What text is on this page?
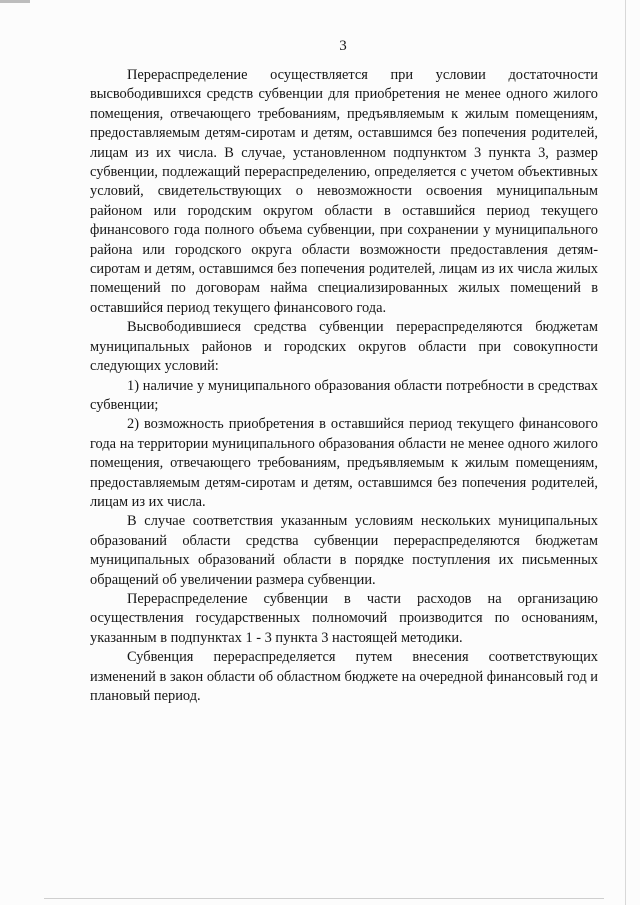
3

Перераспределение осуществляется при условии достаточности высвободившихся средств субвенции для приобретения не менее одного жилого помещения, отвечающего требованиям, предъявляемым к жилым помещениям, предоставляемым детям-сиротам и детям, оставшимся без попечения родителей, лицам из их числа. В случае, установленном подпунктом 3 пункта 3, размер субвенции, подлежащий перераспределению, определяется с учетом объективных условий, свидетельствующих о невозможности освоения муниципальным районом или городским округом области в оставшийся период текущего финансового года полного объема субвенции, при сохранении у муниципального района или городского округа области возможности предоставления детям-сиротам и детям, оставшимся без попечения родителей, лицам из их числа жилых помещений по договорам найма специализированных жилых помещений в оставшийся период текущего финансового года.

Высвободившиеся средства субвенции перераспределяются бюджетам муниципальных районов и городских округов области при совокупности следующих условий:

1) наличие у муниципального образования области потребности в средствах субвенции;

2) возможность приобретения в оставшийся период текущего финансового года на территории муниципального образования области не менее одного жилого помещения, отвечающего требованиям, предъявляемым к жилым помещениям, предоставляемым детям-сиротам и детям, оставшимся без попечения родителей, лицам из их числа.

В случае соответствия указанным условиям нескольких муниципальных образований области средства субвенции перераспределяются бюджетам муниципальных образований области в порядке поступления их письменных обращений об увеличении размера субвенции.

Перераспределение субвенции в части расходов на организацию осуществления государственных полномочий производится по основаниям, указанным в подпунктах 1 - 3 пункта 3 настоящей методики.

Субвенция перераспределяется путем внесения соответствующих изменений в закон области об областном бюджете на очередной финансовый год и плановый период.
